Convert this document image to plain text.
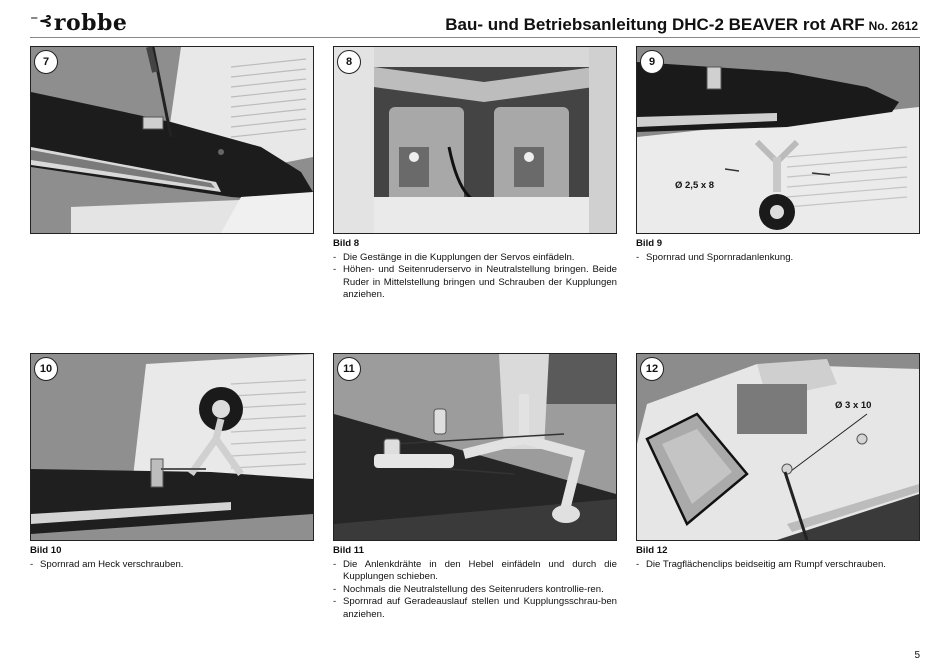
⁻⊰robbe	Bau- und Betriebsanleitung DHC-2 BEAVER rot ARF No. 2612
7	8
Ø 2,5 x 8
9
10	11
Ø 3 x 10
12
Bild 8
- Die Gestänge in die Kupplungen der Servos einfädeln.
- Höhen- und Seitenruderservo in Neutralstellung bringen. Beide Ruder in Mittelstellung bringen und Schrauben der Kupplungen anziehen.
Bild 9
- Spornrad und Spornradanlenkung.
Bild 10
- Spornrad am Heck verschrauben.
Bild 11
- Die Anlenkdrähte in den Hebel einfädeln und durch die Kupplungen schieben.
- Nochmals die Neutralstellung des Seitenruders kontrollie-ren.
- Spornrad auf Geradeauslauf stellen und Kupplungsschrau-ben anziehen.
Bild 12
- Die Tragflächenclips beidseitig am Rumpf verschrauben.
5
